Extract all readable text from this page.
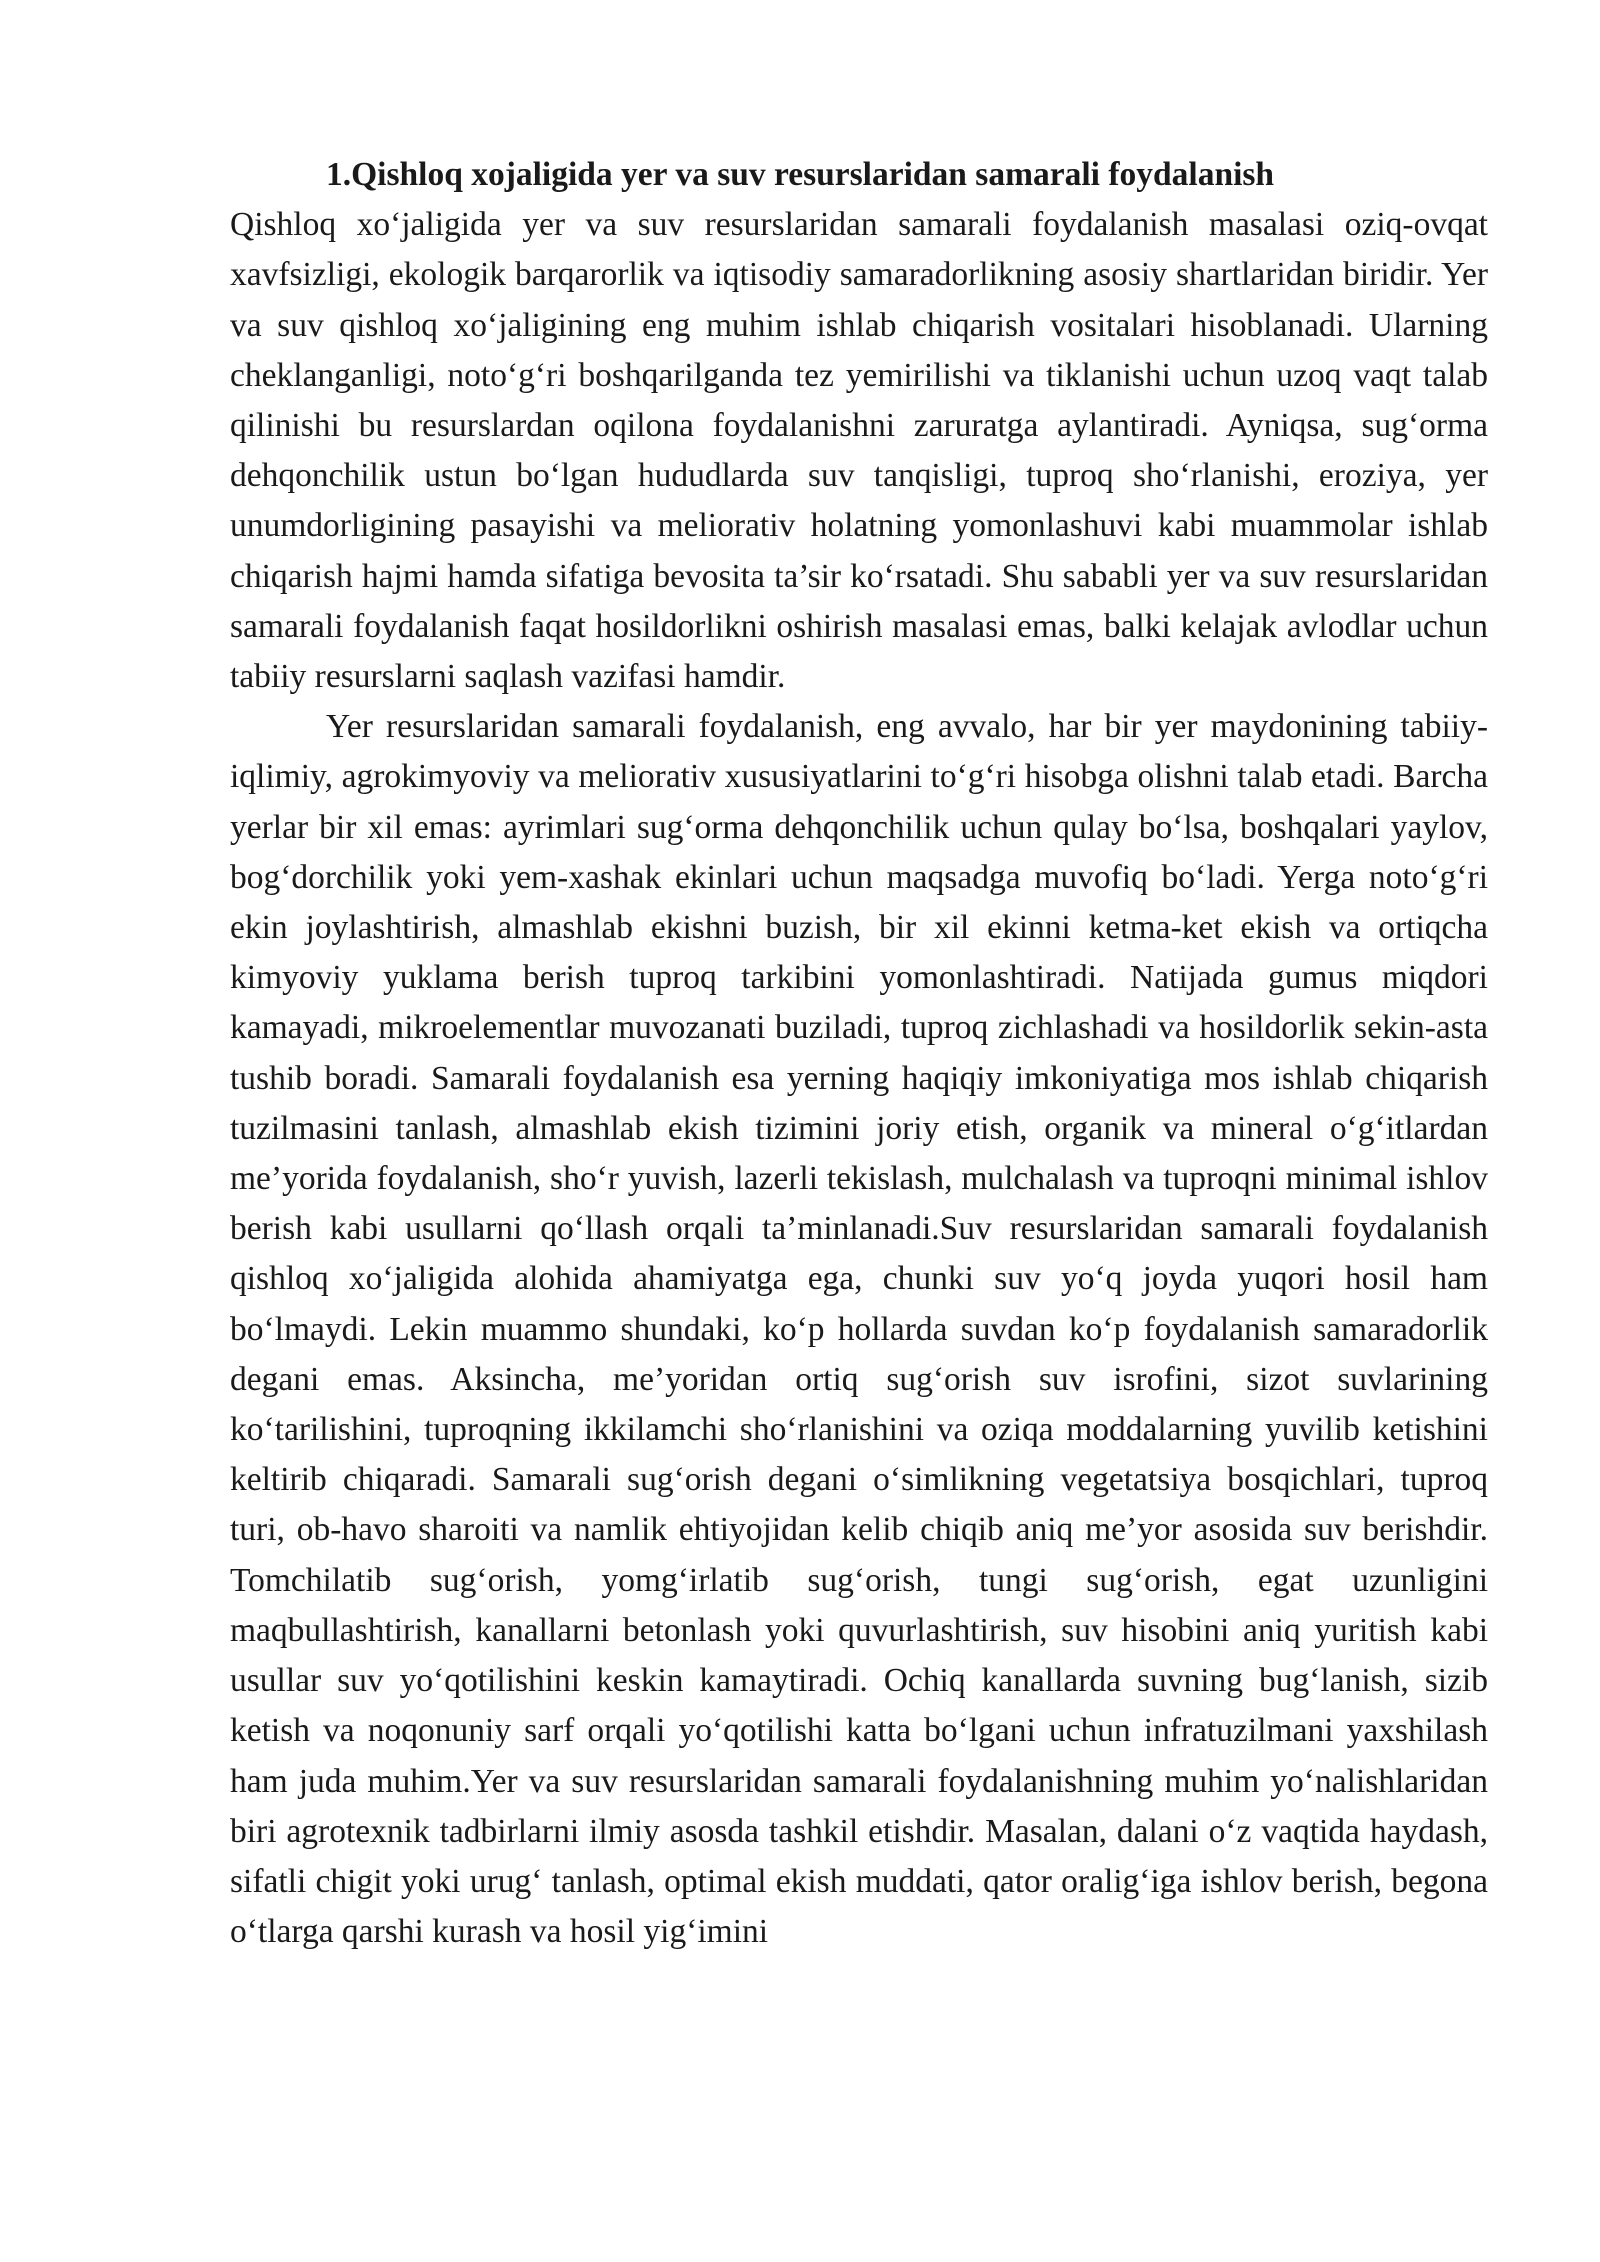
1.Qishloq xojaligida yer va suv resurslaridan samarali foydalanish

Qishloq xo‘jaligida yer va suv resurslaridan samarali foydalanish masalasi oziq-ovqat xavfsizligi, ekologik barqarorlik va iqtisodiy samaradorlikning asosiy shartlaridan biridir. Yer va suv qishloq xo‘jaligining eng muhim ishlab chiqarish vositalari hisoblanadi. Ularning cheklanganligi, noto‘g‘ri boshqarilganda tez yemirilishi va tiklanishi uchun uzoq vaqt talab qilinishi bu resurslardan oqilona foydalanishni zaruratga aylantiradi. Ayniqsa, sug‘orma dehqonchilik ustun bo‘lgan hududlarda suv tanqisligi, tuproq sho‘rlanishi, eroziya, yer unumdorligining pasayishi va meliorativ holatning yomonlashuvi kabi muammolar ishlab chiqarish hajmi hamda sifatiga bevosita ta’sir ko‘rsatadi. Shu sababli yer va suv resurslaridan samarali foydalanish faqat hosildorlikni oshirish masalasi emas, balki kelajak avlodlar uchun tabiiy resurslarni saqlash vazifasi hamdir.

Yer resurslaridan samarali foydalanish, eng avvalo, har bir yer maydonining tabiiy-iqlimiy, agrokimyoviy va meliorativ xususiyatlarini to‘g‘ri hisobga olishni talab etadi. Barcha yerlar bir xil emas: ayrimlari sug‘orma dehqonchilik uchun qulay bo‘lsa, boshqalari yaylov, bog‘dorchilik yoki yem-xashak ekinlari uchun maqsadga muvofiq bo‘ladi. Yerga noto‘g‘ri ekin joylashtirish, almashlab ekishni buzish, bir xil ekinni ketma-ket ekish va ortiqcha kimyoviy yuklama berish tuproq tarkibini yomonlashtiradi. Natijada gumus miqdori kamayadi, mikroelementlar muvozanati buziladi, tuproq zichlashadi va hosildorlik sekin-asta tushib boradi. Samarali foydalanish esa yerning haqiqiy imkoniyatiga mos ishlab chiqarish tuzilmasini tanlash, almashlab ekish tizimini joriy etish, organik va mineral o‘g‘itlardan me’yorida foydalanish, sho‘r yuvish, lazerli tekislash, mulchalash va tuproqni minimal ishlov berish kabi usullarni qo‘llash orqali ta’minlanadi.Suv resurslaridan samarali foydalanish qishloq xo‘jaligida alohida ahamiyatga ega, chunki suv yo‘q joyda yuqori hosil ham bo‘lmaydi. Lekin muammo shundaki, ko‘p hollarda suvdan ko‘p foydalanish samaradorlik degani emas. Aksincha, me’yoridan ortiq sug‘orish suv isrofini, sizot suvlarining ko‘tarilishini, tuproqning ikkilamchi sho‘rlanishini va oziqa moddalarning yuvilib ketishini keltirib chiqaradi. Samarali sug‘orish degani o‘simlikning vegetatsiya bosqichlari, tuproq turi, ob-havo sharoiti va namlik ehtiyojidan kelib chiqib aniq me’yor asosida suv berishdir. Tomchilatib sug‘orish, yomg‘irlatib sug‘orish, tungi sug‘orish, egat uzunligini maqbullashtirish, kanallarni betonlash yoki quvurlashtirish, suv hisobini aniq yuritish kabi usullar suv yo‘qotilishini keskin kamaytiradi. Ochiq kanallarda suvning bug‘lanish, sizib ketish va noqonuniy sarf orqali yo‘qotilishi katta bo‘lgani uchun infratuzilmani yaxshilash ham juda muhim.Yer va suv resurslaridan samarali foydalanishning muhim yo‘nalishlaridan biri agrotexnik tadbirlarni ilmiy asosda tashkil etishdir. Masalan, dalani o‘z vaqtida haydash, sifatli chigit yoki urug‘ tanlash, optimal ekish muddati, qator oralig‘iga ishlov berish, begona o‘tlarga qarshi kurash va hosil yig‘imini
